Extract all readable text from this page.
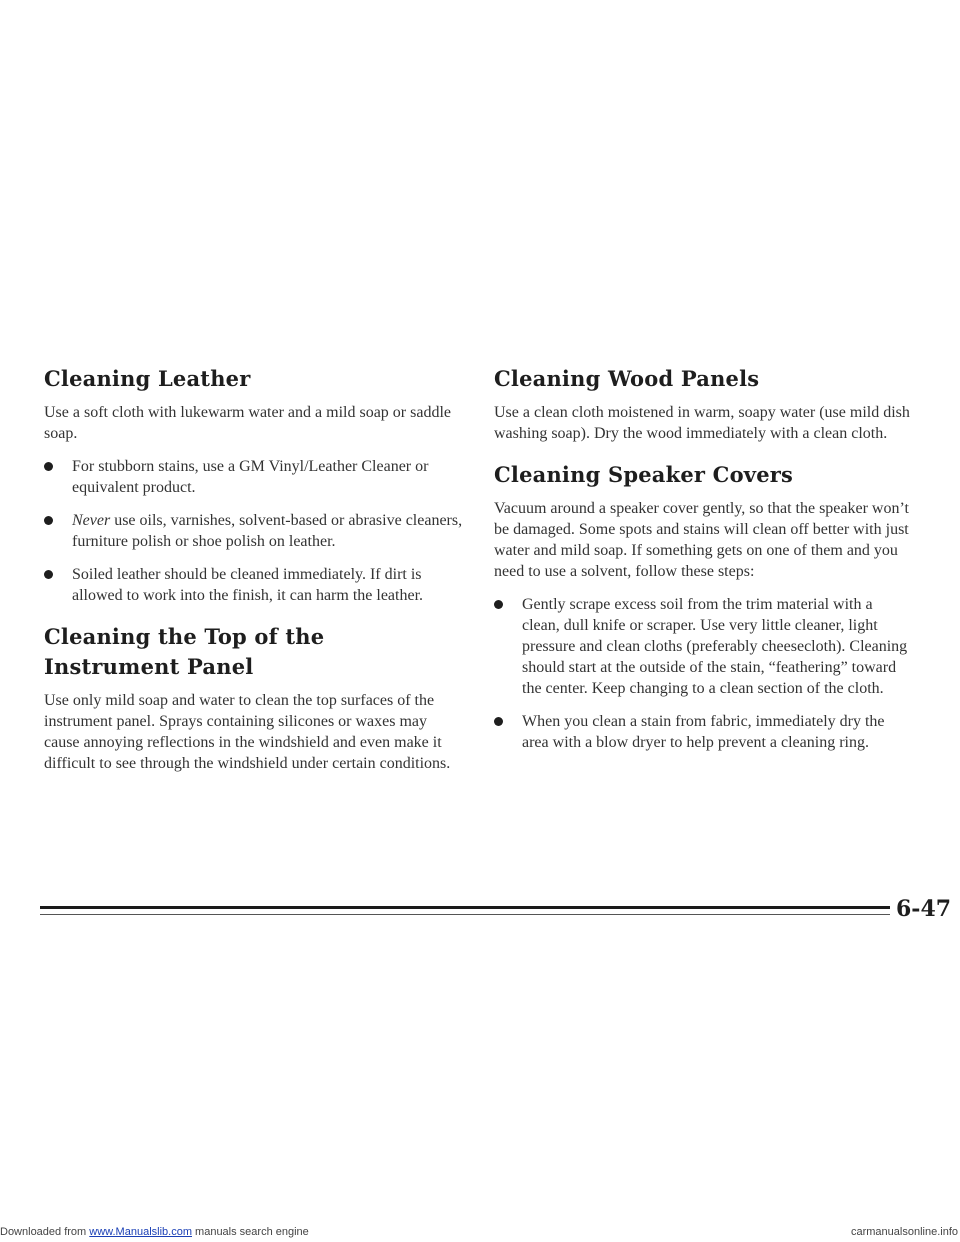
Cleaning Leather

Use a soft cloth with lukewarm water and a mild soap or saddle soap.

For stubborn stains, use a GM Vinyl/Leather Cleaner or equivalent product.
Never use oils, varnishes, solvent-based or abrasive cleaners, furniture polish or shoe polish on leather.
Soiled leather should be cleaned immediately. If dirt is allowed to work into the finish, it can harm the leather.
Cleaning the Top of the Instrument Panel

Use only mild soap and water to clean the top surfaces of the instrument panel. Sprays containing silicones or waxes may cause annoying reflections in the windshield and even make it difficult to see through the windshield under certain conditions.

Cleaning Wood Panels

Use a clean cloth moistened in warm, soapy water (use mild dish washing soap). Dry the wood immediately with a clean cloth.

Cleaning Speaker Covers

Vacuum around a speaker cover gently, so that the speaker won’t be damaged. Some spots and stains will clean off better with just water and mild soap. If something gets on one of them and you need to use a solvent, follow these steps:

Gently scrape excess soil from the trim material with a clean, dull knife or scraper. Use very little cleaner, light pressure and clean cloths (preferably cheesecloth). Cleaning should start at the outside of the stain, “feathering” toward the center. Keep changing to a clean section of the cloth.
When you clean a stain from fabric, immediately dry the area with a blow dryer to help prevent a cleaning ring.
6-47
Downloaded from www.Manualslib.com manuals search engine	carmanualsonline.info
